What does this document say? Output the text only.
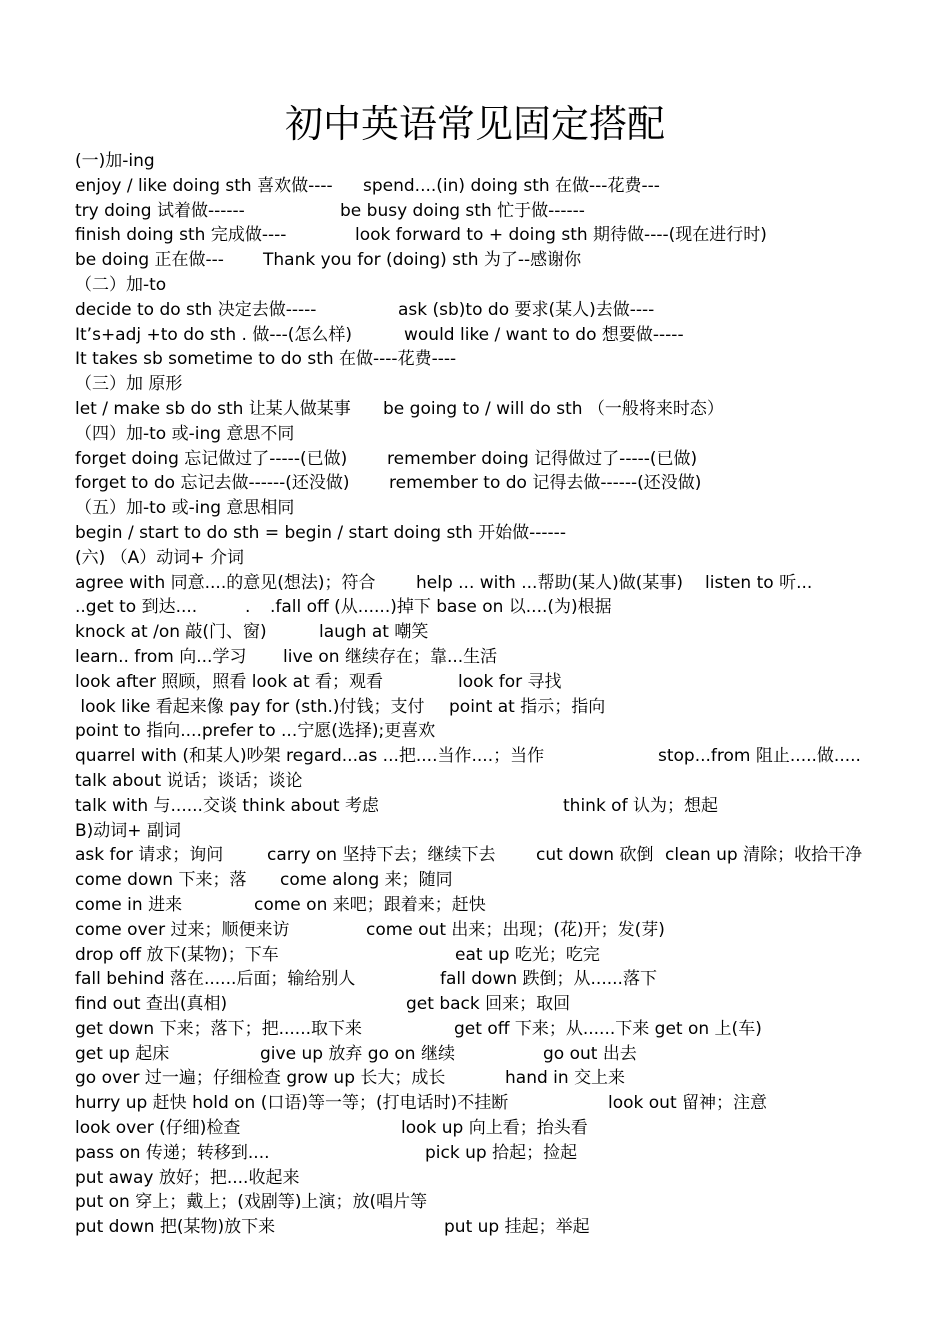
初中英语常见固定搭配
(一)加-ing
enjoy / like doing sth 喜欢做---- spend....(in) doing sth 在做---花费---
try doing 试着做------	be busy doing sth 忙于做------
finish doing sth 完成做----	look forward to + doing sth 期待做----(现在进行时)
be doing 正在做--- Thank you for (doing) sth 为了--感谢你
（二）加-to
decide to do sth 决定去做-----	ask (sb)to do 要求(某人)去做----
It’s+adj +to do sth . 做---(怎么样)	would like / want to do 想要做-----
It takes sb sometime to do sth 在做----花费----
（三）加 原形
let / make sb do sth 让某人做某事 be going to / will do sth （一般将来时态）
（四）加-to 或-ing 意思不同
forget doing 忘记做过了-----(已做) remember doing 记得做过了-----(已做)
forget to do 忘记去做------(还没做) remember to do 记得去做------(还没做)
（五）加-to 或-ing 意思相同
begin / start to do sth = begin / start doing sth 开始做------
(六) （A）动词+ 介词
agree with 同意....的意见(想法)；符合 help ... with ...帮助(某人)做(某事) listen to 听...
..get to 到达....	. .fall off (从......)掉下 base on 以....(为)根据
knock at /on 敲(门、窗)	laugh at 嘲笑
learn.. from 向...学习 live on 继续存在；靠...生活
look after 照顾，照看 look at 看；观看	look for 寻找
look like 看起来像 pay for (sth.)付钱；支付 point at 指示；指向
point to 指向....prefer to ...宁愿(选择);更喜欢
quarrel with (和某人)吵架 regard...as ...把....当作....；当作	stop...from 阻止.....做.....
talk about 说话；谈话；谈论
talk with 与......交谈 think about 考虑	think of 认为；想起
B)动词+ 副词
ask for 请求；询问	carry on 坚持下去；继续下去 cut down 砍倒 clean up 清除；收拾干净
come down 下来；落 come along 来；随同
come in 进来	come on 来吧；跟着来；赶快
come over 过来；顺便来访	come out 出来；出现；(花)开；发(芽)
drop off 放下(某物)；下车	eat up 吃光；吃完
fall behind 落在......后面；输给别人	fall down 跌倒；从......落下
find out 查出(真相)	get back 回来；取回
get down 下来；落下；把......取下来	get off 下来；从......下来 get on 上(车)
get up 起床	give up 放弃 go on 继续	go out 出去
go over 过一遍；仔细检查 grow up 长大；成长	hand in 交上来
hurry up 赶快 hold on (口语)等一等；(打电话时)不挂断	look out 留神；注意
look over (仔细)检查	look up 向上看；抬头看
pass on 传递；转移到....	pick up 拾起；捡起
put away 放好；把....收起来
put on 穿上；戴上；(戏剧等)上演；放(唱片等
put down 把(某物)放下来	put up 挂起；举起
